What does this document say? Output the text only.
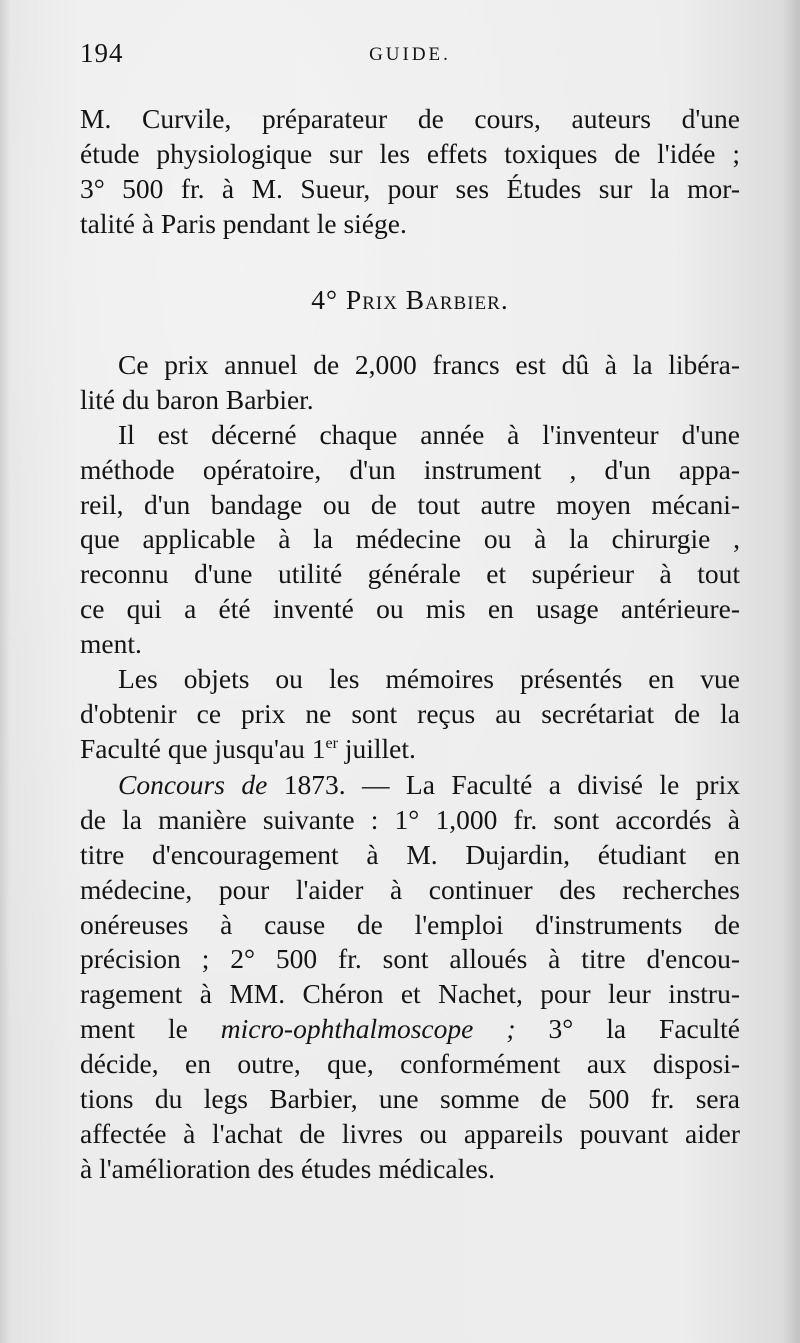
194	GUIDE.
M. Curvile, préparateur de cours, auteurs d'une
étude physiologique sur les effets toxiques de l'idée ;
3° 500 fr. à M. Sueur, pour ses Études sur la mor-
talité à Paris pendant le siége.
4° Prix Barbier.
Ce prix annuel de 2,000 francs est dû à la libéra-
lité du baron Barbier.
Il est décerné chaque année à l'inventeur d'une
méthode opératoire, d'un instrument , d'un appa-
reil, d'un bandage ou de tout autre moyen mécani-
que applicable à la médecine ou à la chirurgie ,
reconnu d'une utilité générale et supérieur à tout
ce qui a été inventé ou mis en usage antérieure-
ment.
Les objets ou les mémoires présentés en vue
d'obtenir ce prix ne sont reçus au secrétariat de la
Faculté que jusqu'au 1er juillet.
Concours de 1873. — La Faculté a divisé le prix
de la manière suivante : 1° 1,000 fr. sont accordés à
titre d'encouragement à M. Dujardin, étudiant en
médecine, pour l'aider à continuer des recherches
onéreuses à cause de l'emploi d'instruments de
précision ; 2° 500 fr. sont alloués à titre d'encou-
ragement à MM. Chéron et Nachet, pour leur instru-
ment le micro-ophthalmoscope ; 3° la Faculté
décide, en outre, que, conformément aux disposi-
tions du legs Barbier, une somme de 500 fr. sera
affectée à l'achat de livres ou appareils pouvant aider
à l'amélioration des études médicales.
